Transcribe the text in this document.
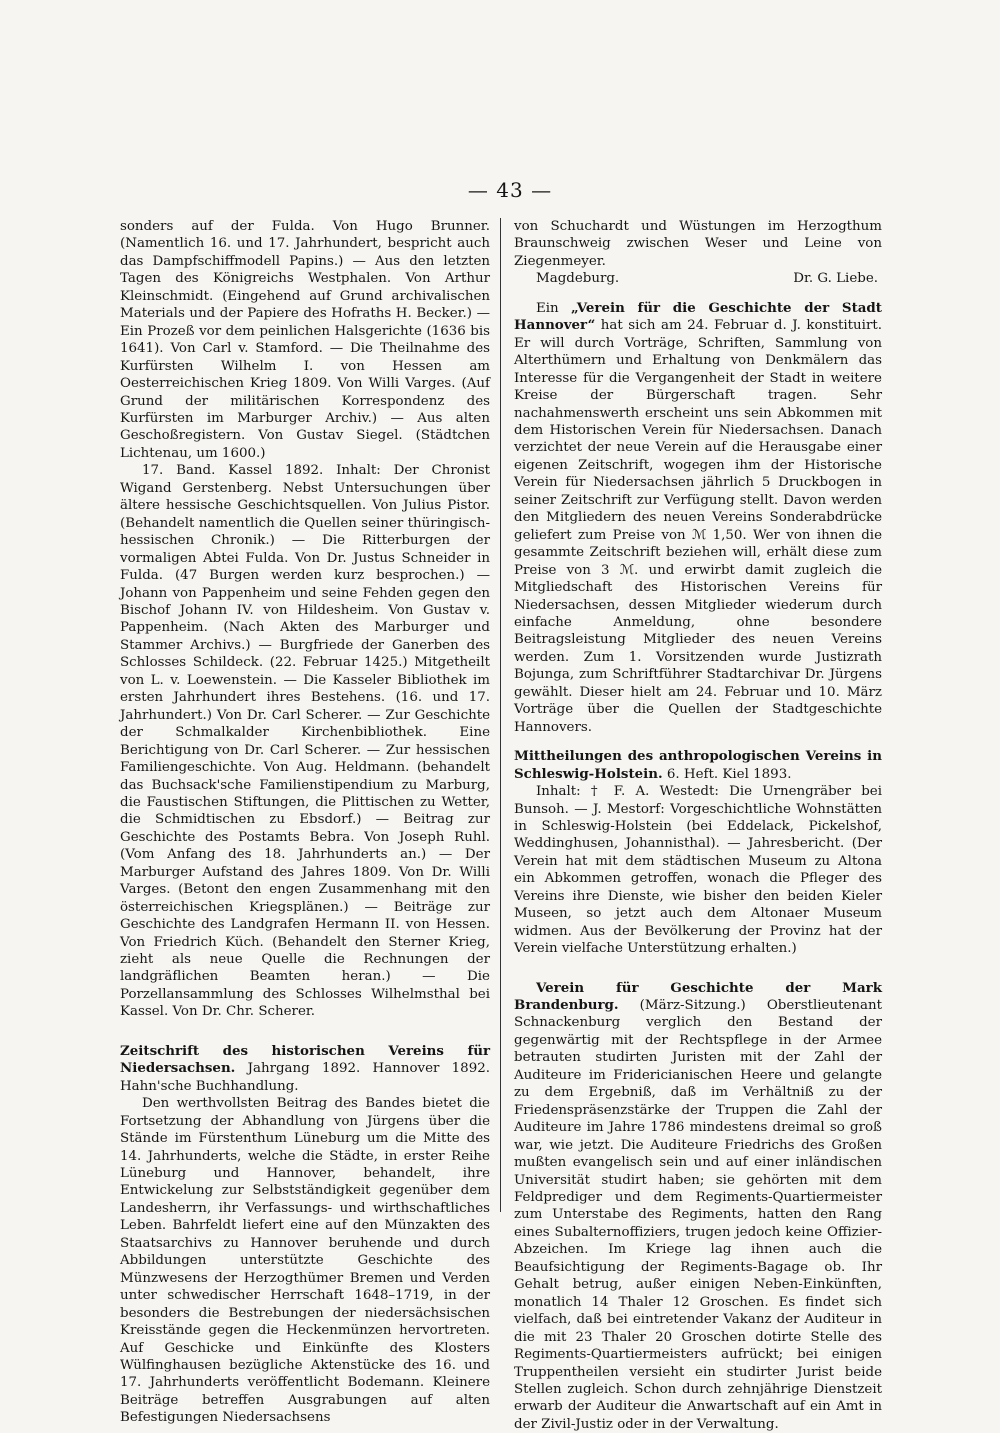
— 43 —

sonders auf der Fulda. Von Hugo Brunner. (Namentlich 16. und 17. Jahrhundert, bespricht auch das Dampfschiffmodell Papins.) — Aus den letzten Tagen des Königreichs Westphalen. Von Arthur Kleinschmidt. (Eingehend auf Grund archivalischen Materials und der Papiere des Hofraths H. Becker.) — Ein Prozeß vor dem peinlichen Halsgerichte (1636 bis 1641). Von Carl v. Stamford. — Die Theilnahme des Kurfürsten Wilhelm I. von Hessen am Oesterreichischen Krieg 1809. Von Willi Varges. (Auf Grund der militärischen Korrespondenz des Kurfürsten im Marburger Archiv.) — Aus alten Geschoßregistern. Von Gustav Siegel. (Städtchen Lichtenau, um 1600.)

17. Band. Kassel 1892. Inhalt: Der Chronist Wigand Gerstenberg. Nebst Untersuchungen über ältere hessische Geschichtsquellen. Von Julius Pistor. (Behandelt namentlich die Quellen seiner thüringisch-hessischen Chronik.) — Die Ritterburgen der vormaligen Abtei Fulda. Von Dr. Justus Schneider in Fulda. (47 Burgen werden kurz besprochen.) — Johann von Pappenheim und seine Fehden gegen den Bischof Johann IV. von Hildesheim. Von Gustav v. Pappenheim. (Nach Akten des Marburger und Stammer Archivs.) — Burgfriede der Ganerben des Schlosses Schildeck. (22. Februar 1425.) Mitgetheilt von L. v. Loewenstein. — Die Kasseler Bibliothek im ersten Jahrhundert ihres Bestehens. (16. und 17. Jahrhundert.) Von Dr. Carl Scherer. — Zur Geschichte der Schmalkalder Kirchenbibliothek. Eine Berichtigung von Dr. Carl Scherer. — Zur hessischen Familiengeschichte. Von Aug. Heldmann. (behandelt das Buchsack'sche Familienstipendium zu Marburg, die Faustischen Stiftungen, die Plittischen zu Wetter, die Schmidtischen zu Ebsdorf.) — Beitrag zur Geschichte des Postamts Bebra. Von Joseph Ruhl. (Vom Anfang des 18. Jahrhunderts an.) — Der Marburger Aufstand des Jahres 1809. Von Dr. Willi Varges. (Betont den engen Zusammenhang mit den österreichischen Kriegsplänen.) — Beiträge zur Geschichte des Landgrafen Hermann II. von Hessen. Von Friedrich Küch. (Behandelt den Sterner Krieg, zieht als neue Quelle die Rechnungen der landgräflichen Beamten heran.) — Die Porzellansammlung des Schlosses Wilhelmsthal bei Kassel. Von Dr. Chr. Scherer.

Zeitschrift des historischen Vereins für Niedersachsen. Jahrgang 1892. Hannover 1892. Hahn'sche Buchhandlung.

Den werthvollsten Beitrag des Bandes bietet die Fortsetzung der Abhandlung von Jürgens über die Stände im Fürstenthum Lüneburg um die Mitte des 14. Jahrhunderts, welche die Städte, in erster Reihe Lüneburg und Hannover, behandelt, ihre Entwickelung zur Selbstständigkeit gegenüber dem Landesherrn, ihr Verfassungs- und wirthschaftliches Leben. Bahrfeldt liefert eine auf den Münzakten des Staatsarchivs zu Hannover beruhende und durch Abbildungen unterstützte Geschichte des Münzwesens der Herzogthümer Bremen und Verden unter schwedischer Herrschaft 1648–1719, in der besonders die Bestrebungen der niedersächsischen Kreisstände gegen die Heckenmünzen hervortreten. Auf Geschicke und Einkünfte des Klosters Wülfinghausen bezügliche Aktenstücke des 16. und 17. Jahrhunderts veröffentlicht Bodemann. Kleinere Beiträge betreffen Ausgrabungen auf alten Befestigungen Niedersachsens

von Schuchardt und Wüstungen im Herzogthum Braunschweig zwischen Weser und Leine von Ziegenmeyer.

Magdeburg.	Dr. G. Liebe.

Ein „Verein für die Geschichte der Stadt Hannover“ hat sich am 24. Februar d. J. konstituirt. Er will durch Vorträge, Schriften, Sammlung von Alterthümern und Erhaltung von Denkmälern das Interesse für die Vergangenheit der Stadt in weitere Kreise der Bürgerschaft tragen. Sehr nachahmenswerth erscheint uns sein Abkommen mit dem Historischen Verein für Niedersachsen. Danach verzichtet der neue Verein auf die Herausgabe einer eigenen Zeitschrift, wogegen ihm der Historische Verein für Niedersachsen jährlich 5 Druckbogen in seiner Zeitschrift zur Verfügung stellt. Davon werden den Mitgliedern des neuen Vereins Sonderabdrücke geliefert zum Preise von ℳ 1,50. Wer von ihnen die gesammte Zeitschrift beziehen will, erhält diese zum Preise von 3 ℳ. und erwirbt damit zugleich die Mitgliedschaft des Historischen Vereins für Niedersachsen, dessen Mitglieder wiederum durch einfache Anmeldung, ohne besondere Beitragsleistung Mitglieder des neuen Vereins werden. Zum 1. Vorsitzenden wurde Justizrath Bojunga, zum Schriftführer Stadtarchivar Dr. Jürgens gewählt. Dieser hielt am 24. Februar und 10. März Vorträge über die Quellen der Stadtgeschichte Hannovers.

Mittheilungen des anthropologischen Vereins in Schleswig-Holstein. 6. Heft. Kiel 1893.

Inhalt: † F. A. Westedt: Die Urnengräber bei Bunsoh. — J. Mestorf: Vorgeschichtliche Wohnstätten in Schleswig-Holstein (bei Eddelack, Pickelshof, Weddinghusen, Johannisthal). — Jahresbericht. (Der Verein hat mit dem städtischen Museum zu Altona ein Abkommen getroffen, wonach die Pfleger des Vereins ihre Dienste, wie bisher den beiden Kieler Museen, so jetzt auch dem Altonaer Museum widmen. Aus der Bevölkerung der Provinz hat der Verein vielfache Unterstützung erhalten.)

Verein für Geschichte der Mark Brandenburg. (März-Sitzung.) Oberstlieutenant Schnackenburg verglich den Bestand der gegenwärtig mit der Rechtspflege in der Armee betrauten studirten Juristen mit der Zahl der Auditeure im Fridericianischen Heere und gelangte zu dem Ergebniß, daß im Verhältniß zu der Friedenspräsenzstärke der Truppen die Zahl der Auditeure im Jahre 1786 mindestens dreimal so groß war, wie jetzt. Die Auditeure Friedrichs des Großen mußten evangelisch sein und auf einer inländischen Universität studirt haben; sie gehörten mit dem Feldprediger und dem Regiments-Quartiermeister zum Unterstabe des Regiments, hatten den Rang eines Subalternoffiziers, trugen jedoch keine Offizier-Abzeichen. Im Kriege lag ihnen auch die Beaufsichtigung der Regiments-Bagage ob. Ihr Gehalt betrug, außer einigen Neben-Einkünften, monatlich 14 Thaler 12 Groschen. Es findet sich vielfach, daß bei eintretender Vakanz der Auditeur in die mit 23 Thaler 20 Groschen dotirte Stelle des Regiments-Quartiermeisters aufrückt; bei einigen Truppentheilen versieht ein studirter Jurist beide Stellen zugleich. Schon durch zehnjährige Dienstzeit erwarb der Auditeur die Anwartschaft auf ein Amt in der Zivil-Justiz oder in der Verwaltung.
